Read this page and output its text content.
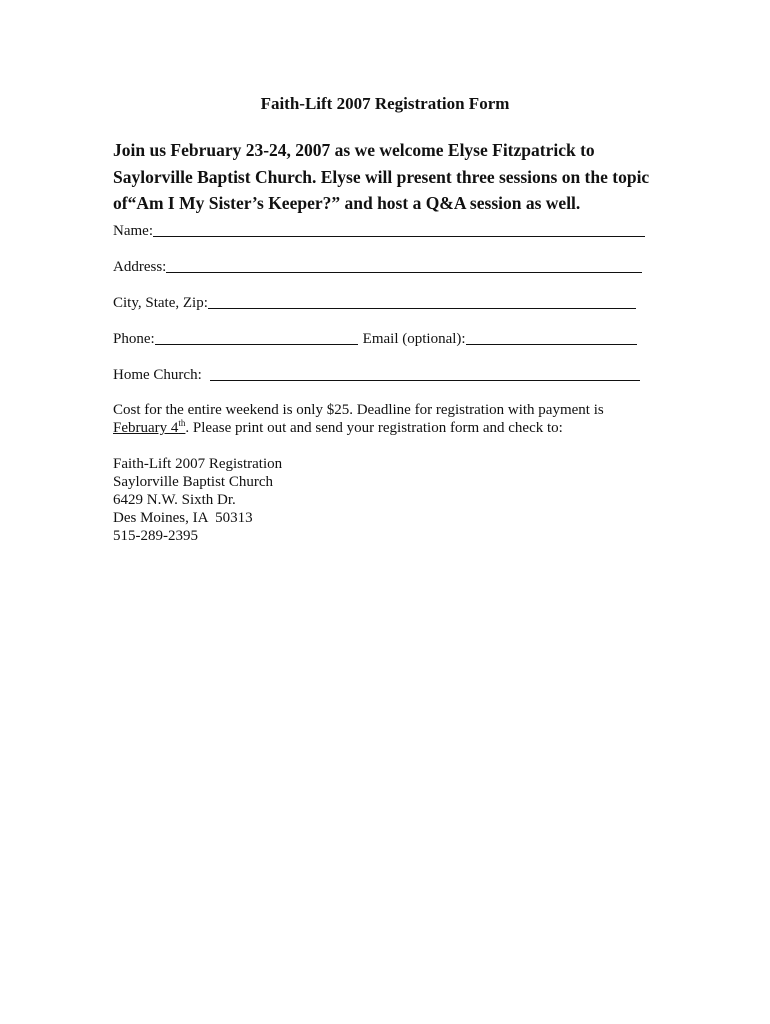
Faith-Lift 2007 Registration Form

Join us February 23-24, 2007 as we welcome Elyse Fitzpatrick to Saylorville Baptist Church. Elyse will present three sessions on the topic of“Am I My Sister’s Keeper?” and host a Q&A session as well.

Name:
Address:
City, State, Zip:
Phone:	Email (optional):
Home Church:

Cost for the entire weekend is only $25. Deadline for registration with payment is

February 4th. Please print out and send your registration form and check to:

Faith-Lift 2007 Registration
Saylorville Baptist Church
6429 N.W. Sixth Dr.
Des Moines, IA  50313
515-289-2395
